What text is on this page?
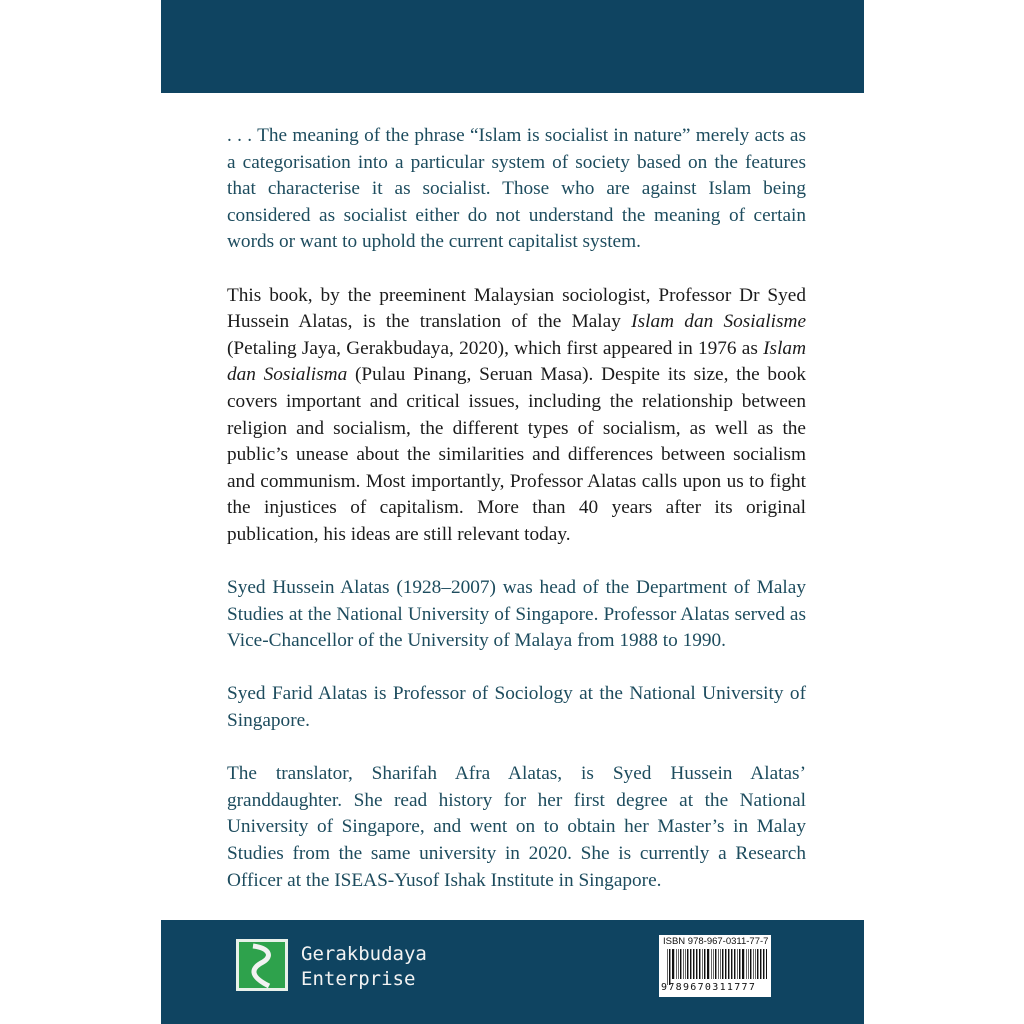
. . . The meaning of the phrase “Islam is socialist in nature” merely acts as a categorisation into a particular system of society based on the features that characterise it as socialist. Those who are against Islam being considered as socialist either do not understand the meaning of certain words or want to uphold the current capitalist system.

This book, by the preeminent Malaysian sociologist, Professor Dr Syed Hussein Alatas, is the translation of the Malay Islam dan Sosialisme (Petaling Jaya, Gerakbudaya, 2020), which first appeared in 1976 as Islam dan Sosialisma (Pulau Pinang, Seruan Masa). Despite its size, the book covers important and critical issues, including the relationship between religion and socialism, the different types of socialism, as well as the public’s unease about the similarities and differences between socialism and communism. Most importantly, Professor Alatas calls upon us to fight the injustices of capitalism. More than 40 years after its original publication, his ideas are still relevant today.

Syed Hussein Alatas (1928–2007) was head of the Department of Malay Studies at the National University of Singapore. Professor Alatas served as Vice-Chancellor of the University of Malaya from 1988 to 1990.

Syed Farid Alatas is Professor of Sociology at the National University of Singapore.

The translator, Sharifah Afra Alatas, is Syed Hussein Alatas’ granddaughter. She read history for her first degree at the National University of Singapore, and went on to obtain her Master’s in Malay Studies from the same university in 2020. She is currently a Research Officer at the ISEAS-Yusof Ishak Institute in Singapore.

Gerakbudaya
Enterprise
ISBN 978-967-0311-77-7
9789670311777
